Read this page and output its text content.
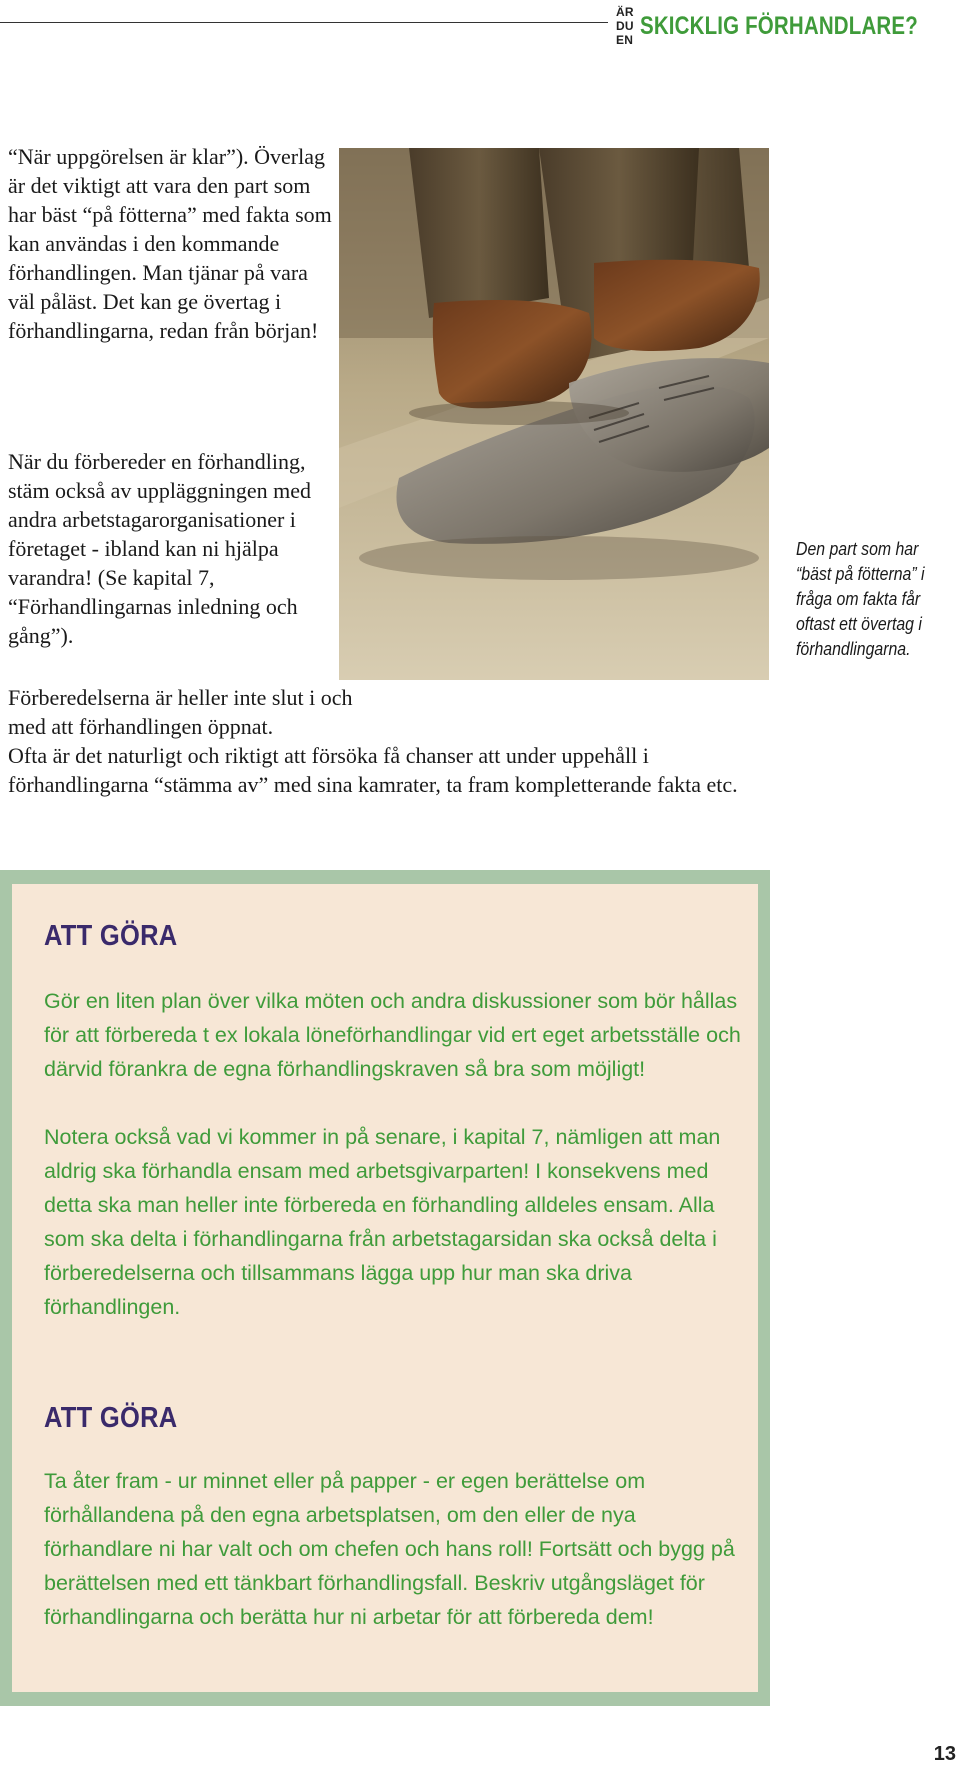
ÄR DU EN
SKICKLIG FÖRHANDLARE?
“När uppgörelsen är klar”). Överlag är det viktigt att vara den part som har bäst “på fötterna” med fakta som kan användas i den kommande förhandlingen. Man tjänar på vara väl påläst. Det kan ge övertag i förhandlingarna, redan från början!
När du förbereder en förhandling, stäm också av uppläggningen med andra arbetstagarorganisationer i företaget - ibland kan ni hjälpa varandra! (Se kapital 7, “Förhandlingarnas inledning och gång”).
Förberedelserna är heller inte slut i och med att förhandlingen öppnat.
Ofta är det naturligt och riktigt att försöka få chanser att under uppehåll i förhandlingarna “stämma av” med sina kamrater, ta fram kompletterande fakta etc.
Den part som har “bäst på fötterna” i fråga om fakta får oftast ett övertag i förhandlingarna.
ATT GÖRA
Gör en liten plan över vilka möten och andra diskussioner som bör hållas för att förbereda t ex lokala löneförhandlingar vid ert eget arbetsställe och därvid förankra de egna förhandlingskraven så bra som möjligt!
Notera också vad vi kommer in på senare, i kapital 7, nämligen att man aldrig ska förhandla ensam med arbetsgivarparten! I konsekvens med detta ska man heller inte förbereda en förhandling alldeles ensam. Alla som ska delta i förhandlingarna från arbetstagarsidan ska också delta i förberedelserna och tillsammans lägga upp hur man ska driva förhandlingen.
ATT GÖRA
Ta åter fram - ur minnet eller på papper - er egen berättelse om förhållandena på den egna arbetsplatsen, om den eller de nya förhandlare ni har valt och om chefen och hans roll! Fortsätt och bygg på berättelsen med ett tänkbart förhandlingsfall. Beskriv utgångsläget för förhandlingarna och berätta hur ni arbetar för att förbereda dem!
13
